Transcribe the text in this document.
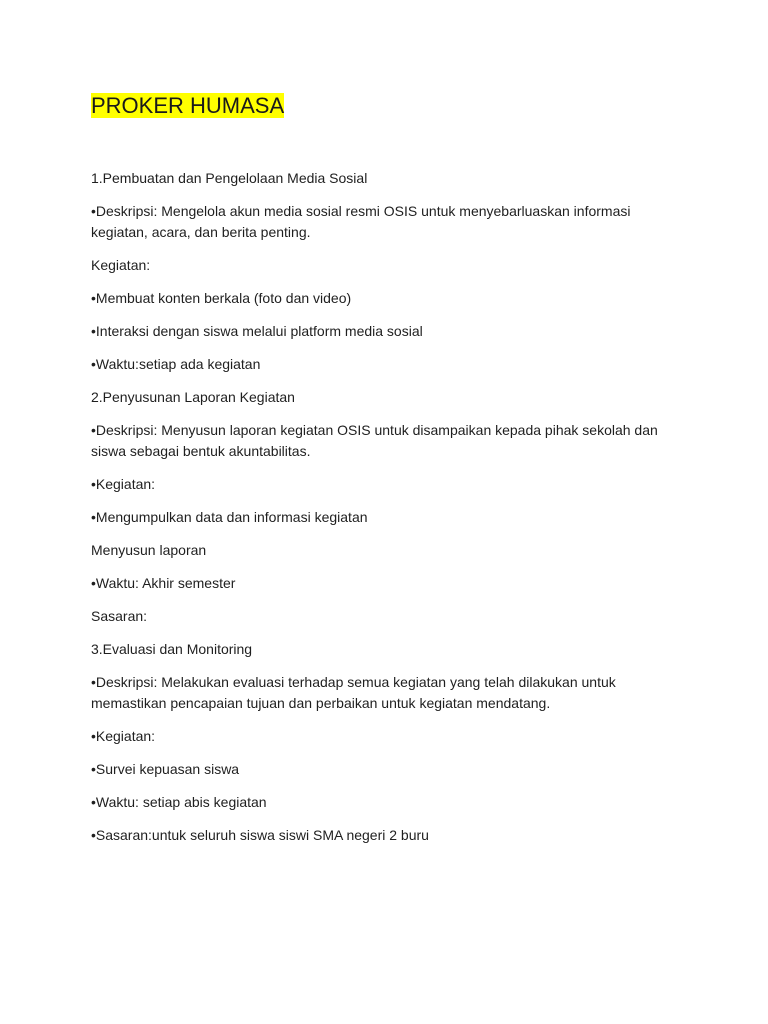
PROKER HUMASA

1.Pembuatan dan Pengelolaan Media Sosial

•Deskripsi: Mengelola akun media sosial resmi OSIS untuk menyebarluaskan informasi kegiatan, acara, dan berita penting.

Kegiatan:

•Membuat konten berkala (foto dan video)

•Interaksi dengan siswa melalui platform media sosial

•Waktu:setiap ada kegiatan

2.Penyusunan Laporan Kegiatan

•Deskripsi: Menyusun laporan kegiatan OSIS untuk disampaikan kepada pihak sekolah dan siswa sebagai bentuk akuntabilitas.

•Kegiatan:

•Mengumpulkan data dan informasi kegiatan

Menyusun laporan

•Waktu: Akhir semester

Sasaran:

3.Evaluasi dan Monitoring

•Deskripsi: Melakukan evaluasi terhadap semua kegiatan yang telah dilakukan untuk memastikan pencapaian tujuan dan perbaikan untuk kegiatan mendatang.

•Kegiatan:

•Survei kepuasan siswa

•Waktu: setiap abis kegiatan

•Sasaran:untuk seluruh siswa siswi SMA negeri 2 buru
